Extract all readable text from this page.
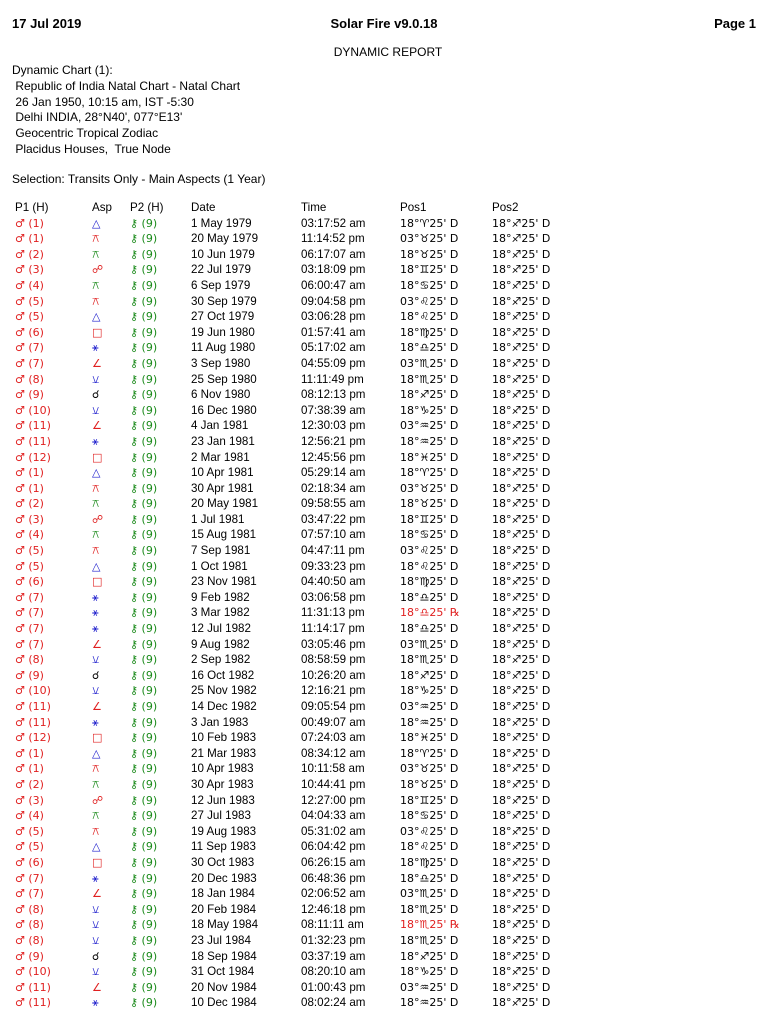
17 Jul 2019	Solar Fire v9.0.18	Page 1
DYNAMIC REPORT
Dynamic Chart (1):
Republic of India Natal Chart - Natal Chart
26 Jan 1950, 10:15 am, IST -5:30
Delhi INDIA, 28°N40', 077°E13'
Geocentric Tropical Zodiac
Placidus Houses,  True Node
Selection: Transits Only - Main Aspects (1 Year)
P1 (H)	Asp	P2 (H)	Date	Time	Pos1	Pos2
♂ (1)	△	⚷ (9)	1 May 1979	03:17:52 am	18°♈25' D	18°♐25' D
♂ (1)	⚻	⚷ (9)	20 May 1979	11:14:52 pm	03°♉25' D	18°♐25' D
♂ (2)	⚻	⚷ (9)	10 Jun 1979	06:17:07 am	18°♉25' D	18°♐25' D
♂ (3)	☍	⚷ (9)	22 Jul 1979	03:18:09 pm	18°♊25' D	18°♐25' D
♂ (4)	⚻	⚷ (9)	6 Sep 1979	06:00:47 am	18°♋25' D	18°♐25' D
♂ (5)	⚻	⚷ (9)	30 Sep 1979	09:04:58 pm	03°♌25' D	18°♐25' D
♂ (5)	△	⚷ (9)	27 Oct 1979	03:06:28 pm	18°♌25' D	18°♐25' D
♂ (6)	□	⚷ (9)	19 Jun 1980	01:57:41 am	18°♍25' D	18°♐25' D
♂ (7)	⚹	⚷ (9)	11 Aug 1980	05:17:02 am	18°♎25' D	18°♐25' D
♂ (7)	∠	⚷ (9)	3 Sep 1980	04:55:09 pm	03°♏25' D	18°♐25' D
♂ (8)	⚺	⚷ (9)	25 Sep 1980	11:11:49 pm	18°♏25' D	18°♐25' D
♂ (9)	☌	⚷ (9)	6 Nov 1980	08:12:13 pm	18°♐25' D	18°♐25' D
♂ (10)	⚺	⚷ (9)	16 Dec 1980	07:38:39 am	18°♑25' D	18°♐25' D
♂ (11)	∠	⚷ (9)	4 Jan 1981	12:30:03 pm	03°♒25' D	18°♐25' D
♂ (11)	⚹	⚷ (9)	23 Jan 1981	12:56:21 pm	18°♒25' D	18°♐25' D
♂ (12)	□	⚷ (9)	2 Mar 1981	12:45:56 pm	18°♓25' D	18°♐25' D
♂ (1)	△	⚷ (9)	10 Apr 1981	05:29:14 am	18°♈25' D	18°♐25' D
♂ (1)	⚻	⚷ (9)	30 Apr 1981	02:18:34 am	03°♉25' D	18°♐25' D
♂ (2)	⚻	⚷ (9)	20 May 1981	09:58:55 am	18°♉25' D	18°♐25' D
♂ (3)	☍	⚷ (9)	1 Jul 1981	03:47:22 pm	18°♊25' D	18°♐25' D
♂ (4)	⚻	⚷ (9)	15 Aug 1981	07:57:10 am	18°♋25' D	18°♐25' D
♂ (5)	⚻	⚷ (9)	7 Sep 1981	04:47:11 pm	03°♌25' D	18°♐25' D
♂ (5)	△	⚷ (9)	1 Oct 1981	09:33:23 pm	18°♌25' D	18°♐25' D
♂ (6)	□	⚷ (9)	23 Nov 1981	04:40:50 am	18°♍25' D	18°♐25' D
♂ (7)	⚹	⚷ (9)	9 Feb 1982	03:06:58 pm	18°♎25' D	18°♐25' D
♂ (7)	⚹	⚷ (9)	3 Mar 1982	11:31:13 pm	18°♎25' ℞	18°♐25' D
♂ (7)	⚹	⚷ (9)	12 Jul 1982	11:14:17 pm	18°♎25' D	18°♐25' D
♂ (7)	∠	⚷ (9)	9 Aug 1982	03:05:46 pm	03°♏25' D	18°♐25' D
♂ (8)	⚺	⚷ (9)	2 Sep 1982	08:58:59 pm	18°♏25' D	18°♐25' D
♂ (9)	☌	⚷ (9)	16 Oct 1982	10:26:20 am	18°♐25' D	18°♐25' D
♂ (10)	⚺	⚷ (9)	25 Nov 1982	12:16:21 pm	18°♑25' D	18°♐25' D
♂ (11)	∠	⚷ (9)	14 Dec 1982	09:05:54 pm	03°♒25' D	18°♐25' D
♂ (11)	⚹	⚷ (9)	3 Jan 1983	00:49:07 am	18°♒25' D	18°♐25' D
♂ (12)	□	⚷ (9)	10 Feb 1983	07:24:03 am	18°♓25' D	18°♐25' D
♂ (1)	△	⚷ (9)	21 Mar 1983	08:34:12 am	18°♈25' D	18°♐25' D
♂ (1)	⚻	⚷ (9)	10 Apr 1983	10:11:58 am	03°♉25' D	18°♐25' D
♂ (2)	⚻	⚷ (9)	30 Apr 1983	10:44:41 pm	18°♉25' D	18°♐25' D
♂ (3)	☍	⚷ (9)	12 Jun 1983	12:27:00 pm	18°♊25' D	18°♐25' D
♂ (4)	⚻	⚷ (9)	27 Jul 1983	04:04:33 am	18°♋25' D	18°♐25' D
♂ (5)	⚻	⚷ (9)	19 Aug 1983	05:31:02 am	03°♌25' D	18°♐25' D
♂ (5)	△	⚷ (9)	11 Sep 1983	06:04:42 pm	18°♌25' D	18°♐25' D
♂ (6)	□	⚷ (9)	30 Oct 1983	06:26:15 am	18°♍25' D	18°♐25' D
♂ (7)	⚹	⚷ (9)	20 Dec 1983	06:48:36 pm	18°♎25' D	18°♐25' D
♂ (7)	∠	⚷ (9)	18 Jan 1984	02:06:52 am	03°♏25' D	18°♐25' D
♂ (8)	⚺	⚷ (9)	20 Feb 1984	12:46:18 pm	18°♏25' D	18°♐25' D
♂ (8)	⚺	⚷ (9)	18 May 1984	08:11:11 am	18°♏25' ℞	18°♐25' D
♂ (8)	⚺	⚷ (9)	23 Jul 1984	01:32:23 pm	18°♏25' D	18°♐25' D
♂ (9)	☌	⚷ (9)	18 Sep 1984	03:37:19 am	18°♐25' D	18°♐25' D
♂ (10)	⚺	⚷ (9)	31 Oct 1984	08:20:10 am	18°♑25' D	18°♐25' D
♂ (11)	∠	⚷ (9)	20 Nov 1984	01:00:43 pm	03°♒25' D	18°♐25' D
♂ (11)	⚹	⚷ (9)	10 Dec 1984	08:02:24 am	18°♒25' D	18°♐25' D
